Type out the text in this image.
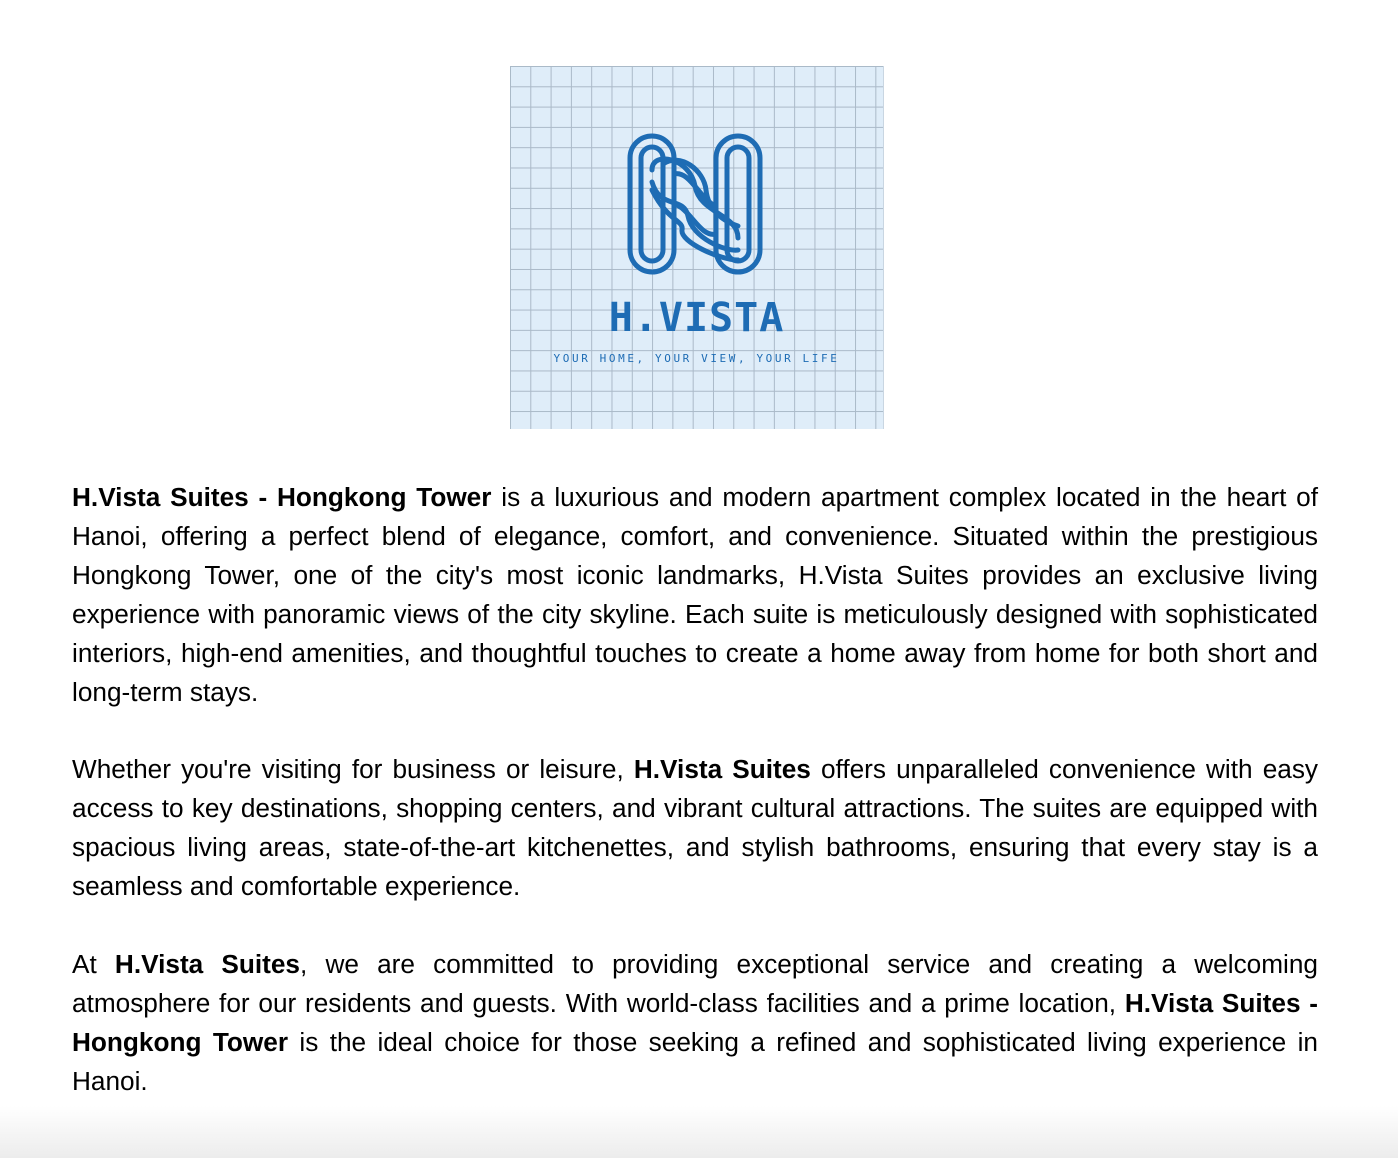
H.VISTA
YOUR HOME, YOUR VIEW, YOUR LIFE

H.Vista Suites - Hongkong Tower is a luxurious and modern apartment complex located in the heart of Hanoi, offering a perfect blend of elegance, comfort, and convenience. Situated within the prestigious Hongkong Tower, one of the city's most iconic landmarks, H.Vista Suites provides an exclusive living experience with panoramic views of the city skyline. Each suite is meticulously designed with sophisticated interiors, high-end amenities, and thoughtful touches to create a home away from home for both short and long-term stays.

Whether you're visiting for business or leisure, H.Vista Suites offers unparalleled convenience with easy access to key destinations, shopping centers, and vibrant cultural attractions. The suites are equipped with spacious living areas, state-of-the-art kitchenettes, and stylish bathrooms, ensuring that every stay is a seamless and comfortable experience.

At H.Vista Suites, we are committed to providing exceptional service and creating a welcoming atmosphere for our residents and guests. With world-class facilities and a prime location, H.Vista Suites - Hongkong Tower is the ideal choice for those seeking a refined and sophisticated living experience in Hanoi.
